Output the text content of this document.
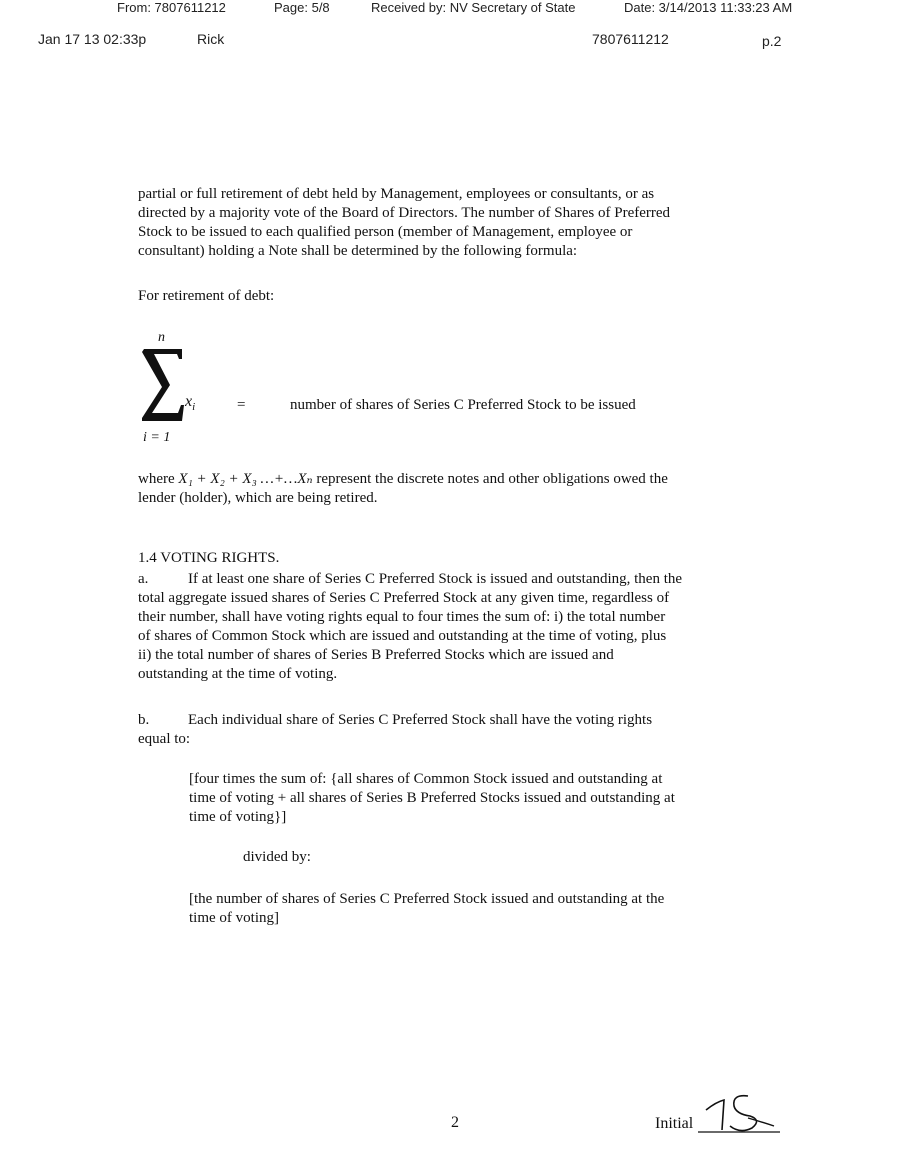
From: 7807611212	Page: 5/8	Received by: NV Secretary of State	Date: 3/14/2013 11:33:23 AM
Jan 17 13 02:33p	Rick	7807611212	p.2
partial or full retirement of debt held by Management, employees or consultants, or as
directed by a majority vote of the Board of Directors. The number of Shares of Preferred
Stock to be issued to each qualified person (member of Management, employee or
consultant) holding a Note shall be determined by the following formula:
For retirement of debt:
n
$x_i$
i = 1
=	number of shares of Series C Preferred Stock to be issued
where X₁ + X₂ + X₃ …+…Xₙ represent the discrete notes and other obligations owed the
lender (holder), which are being retired.
1.4 VOTING RIGHTS.
a.	If at least one share of Series C Preferred Stock is issued and outstanding, then the
total aggregate issued shares of Series C Preferred Stock at any given time, regardless of
their number, shall have voting rights equal to four times the sum of: i) the total number
of shares of Common Stock which are issued and outstanding at the time of voting, plus
ii) the total number of shares of Series B Preferred Stocks which are issued and
outstanding at the time of voting.
b.	Each individual share of Series C Preferred Stock shall have the voting rights
equal to:
[four times the sum of: {all shares of Common Stock issued and outstanding at
time of voting + all shares of Series B Preferred Stocks issued and outstanding at
time of voting}]
divided by:
[the number of shares of Series C Preferred Stock issued and outstanding at the
time of voting]
2	Initial
